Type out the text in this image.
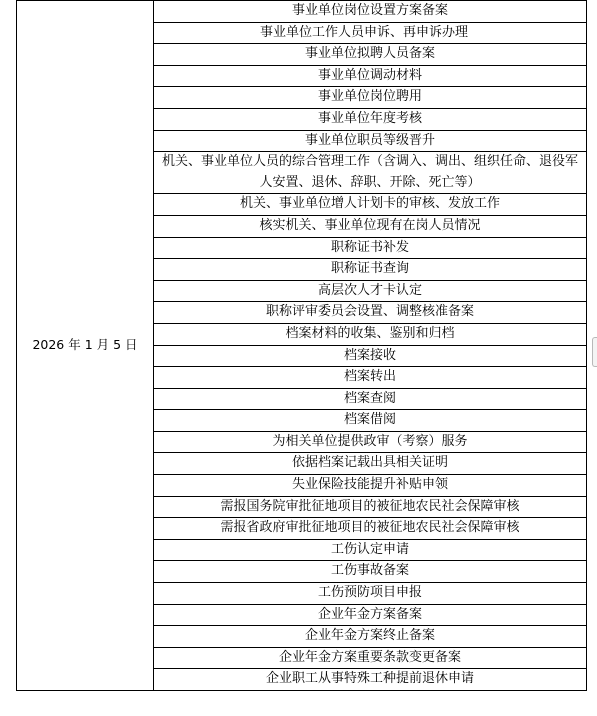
2026 年 1 月 5 日	事业单位岗位设置方案备案
事业单位工作人员申诉、再申诉办理
事业单位拟聘人员备案
事业单位调动材料
事业单位岗位聘用
事业单位年度考核
事业单位职员等级晋升
机关、事业单位人员的综合管理工作（含调入、调出、组织任命、退役军人安置、退休、辞职、开除、死亡等）
机关、事业单位增人计划卡的审核、发放工作
核实机关、事业单位现有在岗人员情况
职称证书补发
职称证书查询
高层次人才卡认定
职称评审委员会设置、调整核准备案
档案材料的收集、鉴别和归档
档案接收
档案转出
档案查阅
档案借阅
为相关单位提供政审（考察）服务
依据档案记载出具相关证明
失业保险技能提升补贴申领
需报国务院审批征地项目的被征地农民社会保障审核
需报省政府审批征地项目的被征地农民社会保障审核
工伤认定申请
工伤事故备案
工伤预防项目申报
企业年金方案备案
企业年金方案终止备案
企业年金方案重要条款变更备案
企业职工从事特殊工种提前退休申请
